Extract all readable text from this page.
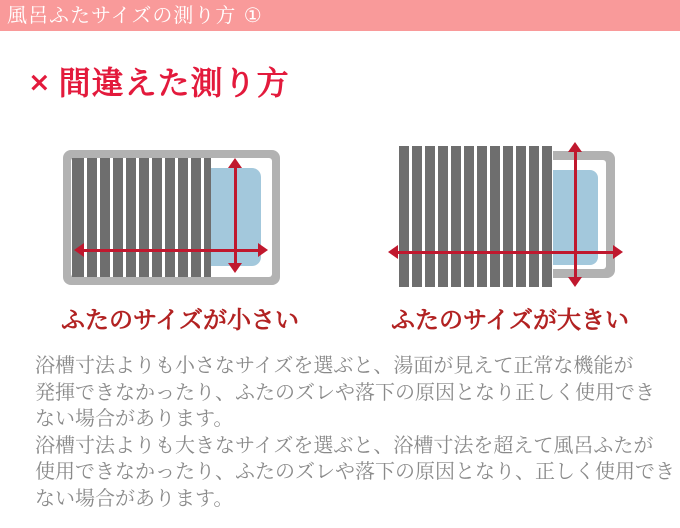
風呂ふたサイズの測り方 ①
× 間違えた測り方
ふたのサイズが小さい	ふたのサイズが大きい
浴槽寸法よりも小さなサイズを選ぶと、湯面が見えて正常な機能が
発揮できなかったり、ふたのズレや落下の原因となり正しく使用でき
ない場合があります。
浴槽寸法よりも大きなサイズを選ぶと、浴槽寸法を超えて風呂ふたが
使用できなかったり、ふたのズレや落下の原因となり、正しく使用でき
ない場合があります。
